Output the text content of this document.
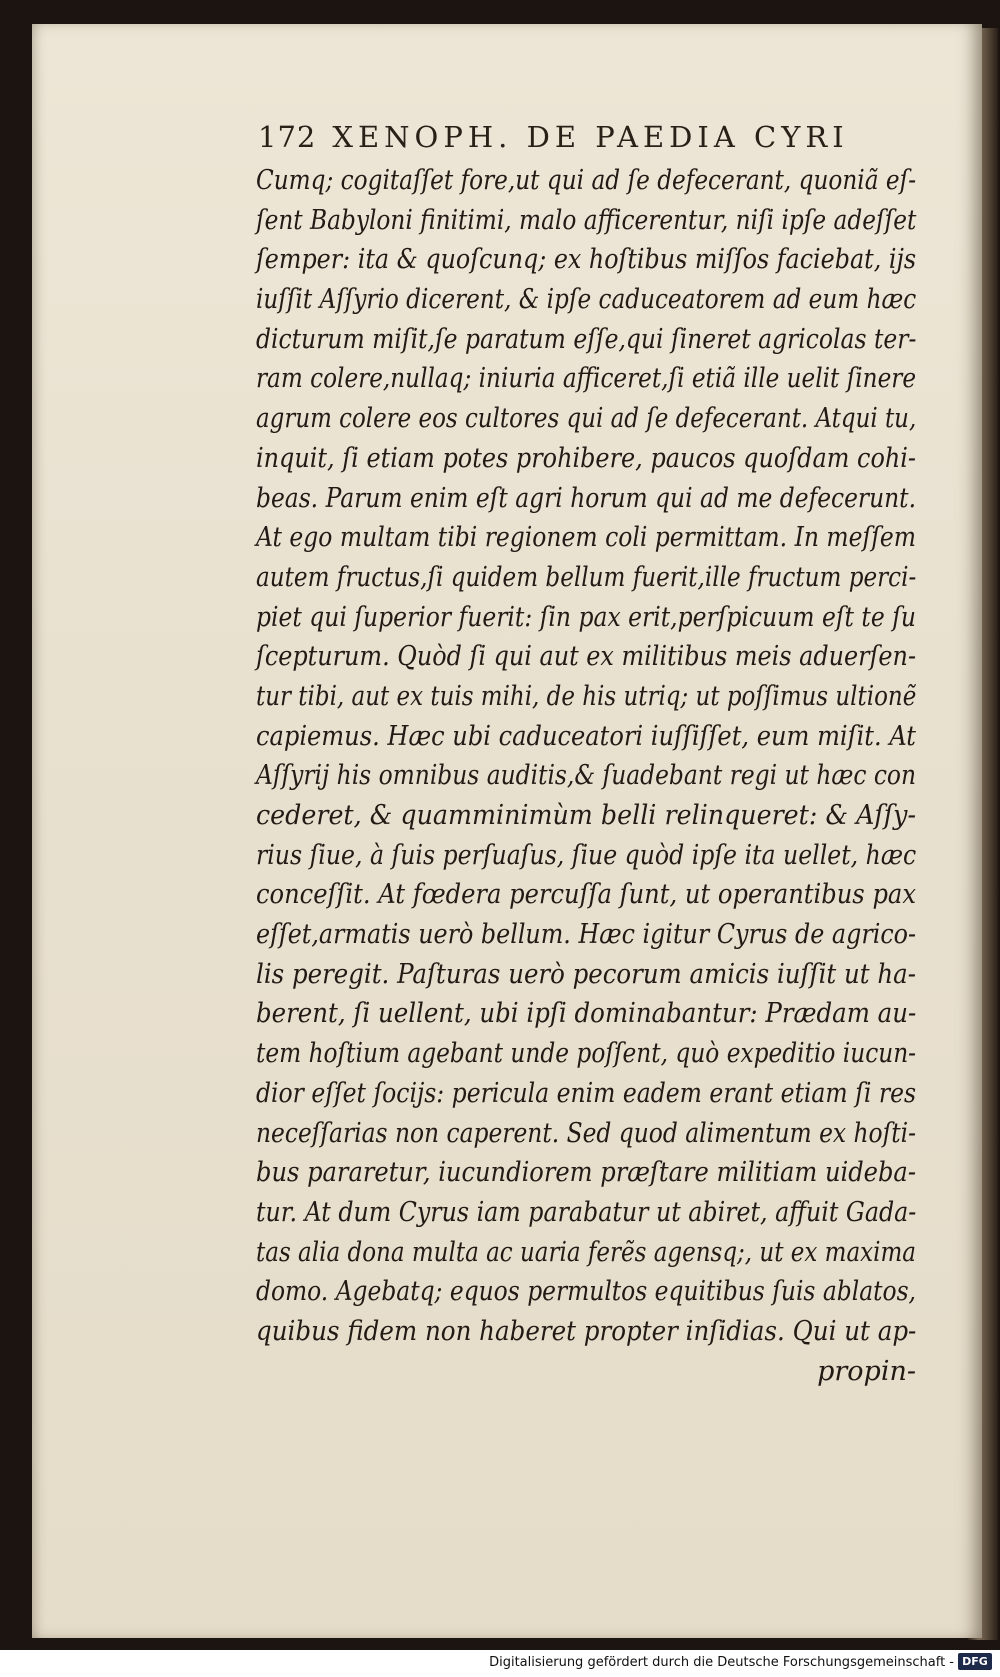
172 XENOPH. DE PAEDIA CYRI
Cumq; cogitaſſet fore,ut qui ad ſe defecerant, quoniã eſ-
ſent Babyloni finitimi, malo afficerentur, niſi ipſe adeſſet
ſemper: ita & quoſcunq; ex hoſtibus miſſos faciebat, iјs
iuſſit Aſſyrio dicerent, & ipſe caduceatorem ad eum hæc
dicturum miſit,ſe paratum eſſe,qui ſineret agricolas ter-
ram colere,nullaq; iniuria afficeret,ſi etiã ille uelit ſinere
agrum colere eos cultores qui ad ſe defecerant. Atqui tu,
inquit, ſi etiam potes prohibere, paucos quoſdam cohi-
beas. Parum enim eſt agri horum qui ad me defecerunt.
At ego multam tibi regionem coli permittam. In meſſem
autem fructus,ſi quidem bellum fuerit,ille fructum perci-
piet qui ſuperior fuerit: ſin pax erit,perſpicuum eſt te ſu
ſcepturum. Quòd ſi qui aut ex militibus meis aduerſen-
tur tibi, aut ex tuis mihi, de his utriq; ut poſſimus ultionẽ
capiemus. Hæc ubi caduceatori iuſſiſſet, eum miſit. At
Aſſyrij his omnibus auditis,& ſuadebant regi ut hæc con
cederet, & quamminimùm belli relinqueret: & Aſſy-
rius ſiue, à ſuis perſuaſus, ſiue quòd ipſe ita uellet, hæc
conceſſit. At fœdera percuſſa ſunt, ut operantibus pax
eſſet,armatis uerò bellum. Hæc igitur Cyrus de agrico-
lis peregit. Paſturas uerò pecorum amicis iuſſit ut ha-
berent, ſi uellent, ubi ipſi dominabantur: Prædam au-
tem hoſtium agebant unde poſſent, quò expeditio iucun-
dior eſſet ſocijs: pericula enim eadem erant etiam ſi res
neceſſarias non caperent. Sed quod alimentum ex hoſti-
bus pararetur, iucundiorem præſtare militiam uideba-
tur. At dum Cyrus iam parabatur ut abiret, affuit Gada-
tas alia dona multa ac uaria ferẽs agensq;, ut ex maxima
domo. Agebatq; equos permultos equitibus ſuis ablatos,
quibus fidem non haberet propter inſidias. Qui ut ap-
propin-
Digitalisierung gefördert durch die Deutsche Forschungsgemeinschaft - DFG
